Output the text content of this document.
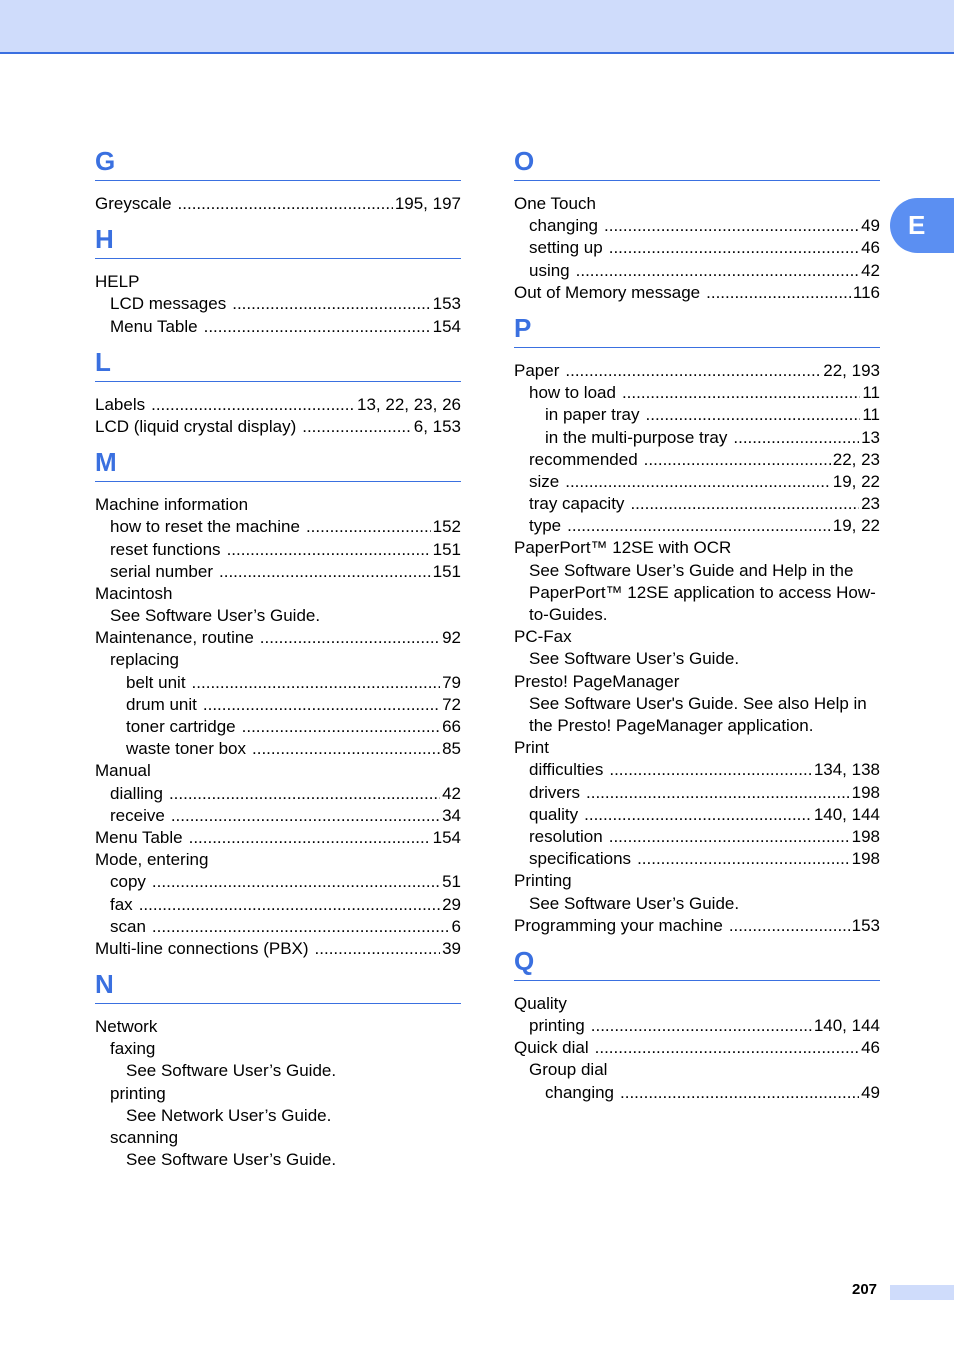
E
G
Greyscale .....	195, 197
H
HELP
LCD messages .....	153
Menu Table .....	154
L
Labels .....	13, 22, 23, 26
LCD (liquid crystal display) .....	6, 153
M
Machine information
how to reset the machine .....	152
reset functions .....	151
serial number .....	151
Macintosh
See Software User’s Guide.
Maintenance, routine .....	92
replacing
belt unit .....	79
drum unit .....	72
toner cartridge .....	66
waste toner box .....	85
Manual
dialling .....	42
receive .....	34
Menu Table .....	154
Mode, entering
copy .....	51
fax .....	29
scan .....	6
Multi-line connections (PBX) .....	39
N
Network
faxing
See Software User’s Guide.
printing
See Network User’s Guide.
scanning
See Software User’s Guide.
O
One Touch
changing .....	49
setting up .....	46
using .....	42
Out of Memory message .....	116
P
Paper .....	22, 193
how to load .....	11
in paper tray .....	11
in the multi-purpose tray .....	13
recommended .....	22, 23
size .....	19, 22
tray capacity .....	23
type .....	19, 22
PaperPort™ 12SE with OCR
See Software User’s Guide and Help in the PaperPort™ 12SE application to access How-to-Guides.
PC-Fax
See Software User’s Guide.
Presto! PageManager
See Software User's Guide. See also Help in the Presto! PageManager application.
Print
difficulties .....	134, 138
drivers .....	198
quality .....	140, 144
resolution .....	198
specifications .....	198
Printing
See Software User’s Guide.
Programming your machine .....	153
Q
Quality
printing .....	140, 144
Quick dial .....	46
Group dial
changing .....	49
207
